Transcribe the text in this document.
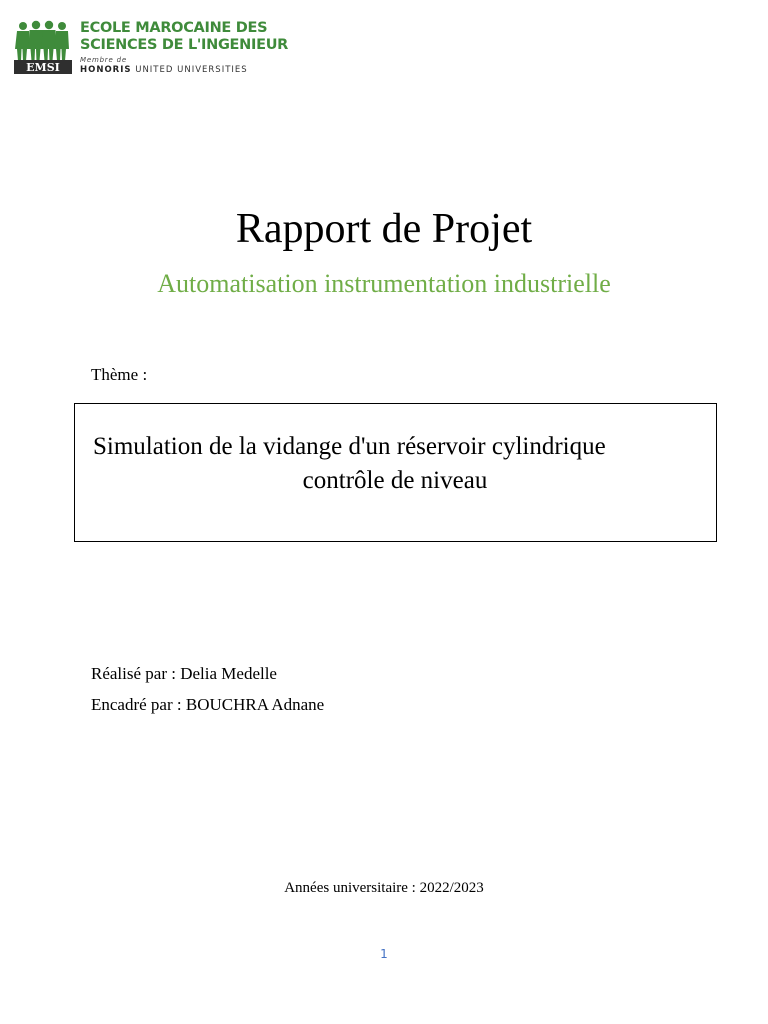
EMSI
ECOLE MAROCAINE DES
SCIENCES DE L'INGENIEUR
Membre de
HONORIS UNITED UNIVERSITIES
Rapport de Projet
Automatisation instrumentation industrielle
Thème :
Simulation de la vidange d'un réservoir cylindrique
contrôle de niveau
Réalisé par : Delia Medelle
Encadré par : BOUCHRA Adnane
Années universitaire : 2022/2023
1
